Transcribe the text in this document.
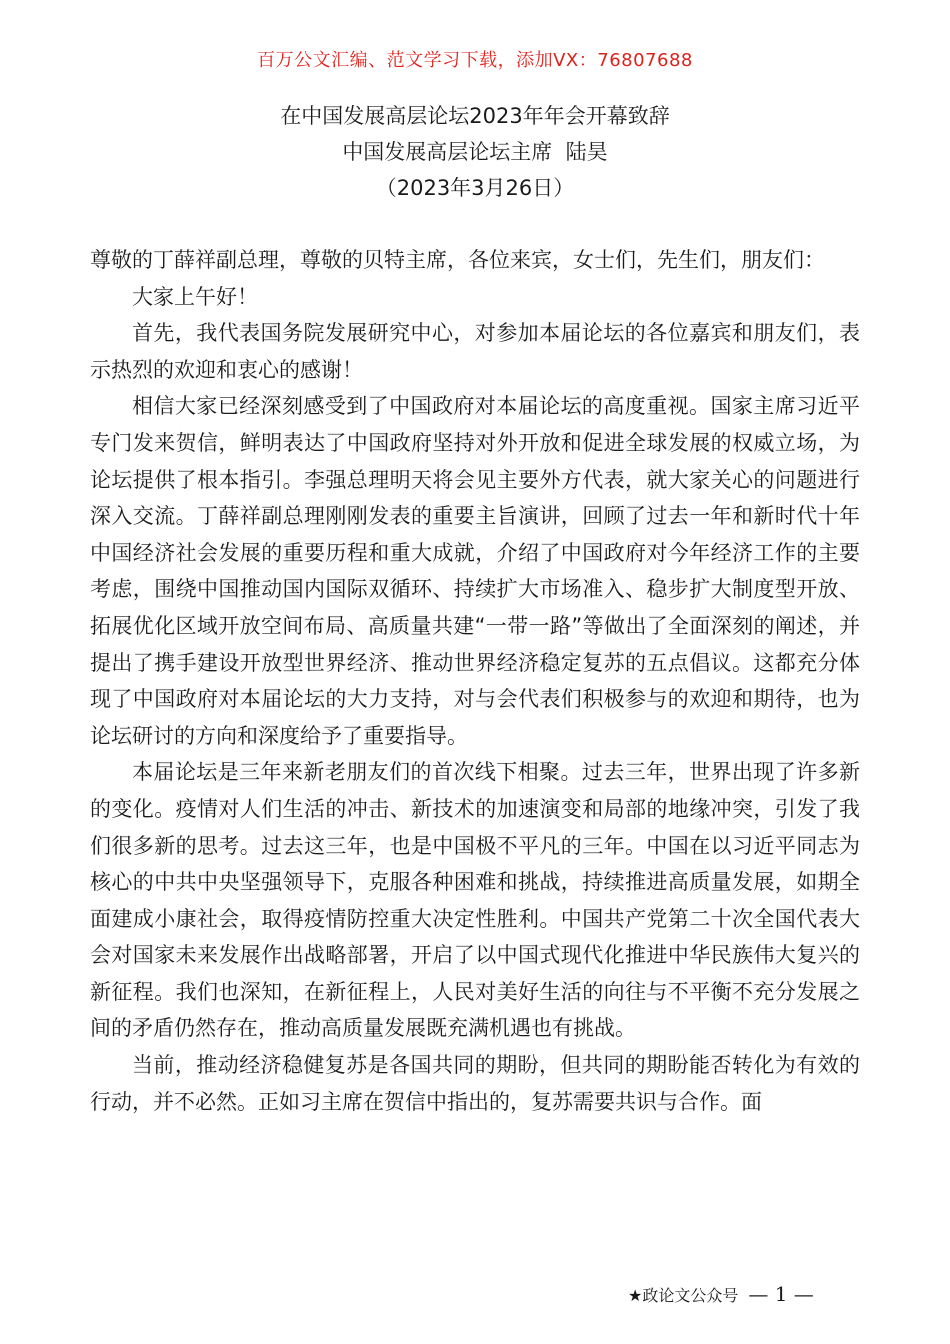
百万公文汇编、范文学习下载，添加VX：76807688
在中国发展高层论坛2023年年会开幕致辞
中国发展高层论坛主席  陆昊
（2023年3月26日）

尊敬的丁薛祥副总理，尊敬的贝特主席，各位来宾，女士们，先生们，朋友们：

大家上午好！

首先，我代表国务院发展研究中心，对参加本届论坛的各位嘉宾和朋友们，表示热烈的欢迎和衷心的感谢！

相信大家已经深刻感受到了中国政府对本届论坛的高度重视。国家主席习近平专门发来贺信，鲜明表达了中国政府坚持对外开放和促进全球发展的权威立场，为论坛提供了根本指引。李强总理明天将会见主要外方代表，就大家关心的问题进行深入交流。丁薛祥副总理刚刚发表的重要主旨演讲，回顾了过去一年和新时代十年中国经济社会发展的重要历程和重大成就，介绍了中国政府对今年经济工作的主要考虑，围绕中国推动国内国际双循环、持续扩大市场准入、稳步扩大制度型开放、拓展优化区域开放空间布局、高质量共建“一带一路”等做出了全面深刻的阐述，并提出了携手建设开放型世界经济、推动世界经济稳定复苏的五点倡议。这都充分体现了中国政府对本届论坛的大力支持，对与会代表们积极参与的欢迎和期待，也为论坛研讨的方向和深度给予了重要指导。

本届论坛是三年来新老朋友们的首次线下相聚。过去三年，世界出现了许多新的变化。疫情对人们生活的冲击、新技术的加速演变和局部的地缘冲突，引发了我们很多新的思考。过去这三年，也是中国极不平凡的三年。中国在以习近平同志为核心的中共中央坚强领导下，克服各种困难和挑战，持续推进高质量发展，如期全面建成小康社会，取得疫情防控重大决定性胜利。中国共产党第二十次全国代表大会对国家未来发展作出战略部署，开启了以中国式现代化推进中华民族伟大复兴的新征程。我们也深知，在新征程上，人民对美好生活的向往与不平衡不充分发展之间的矛盾仍然存在，推动高质量发展既充满机遇也有挑战。

当前，推动经济稳健复苏是各国共同的期盼，但共同的期盼能否转化为有效的行动，并不必然。正如习主席在贺信中指出的，复苏需要共识与合作。面

★政论文公众号 — 1 —
